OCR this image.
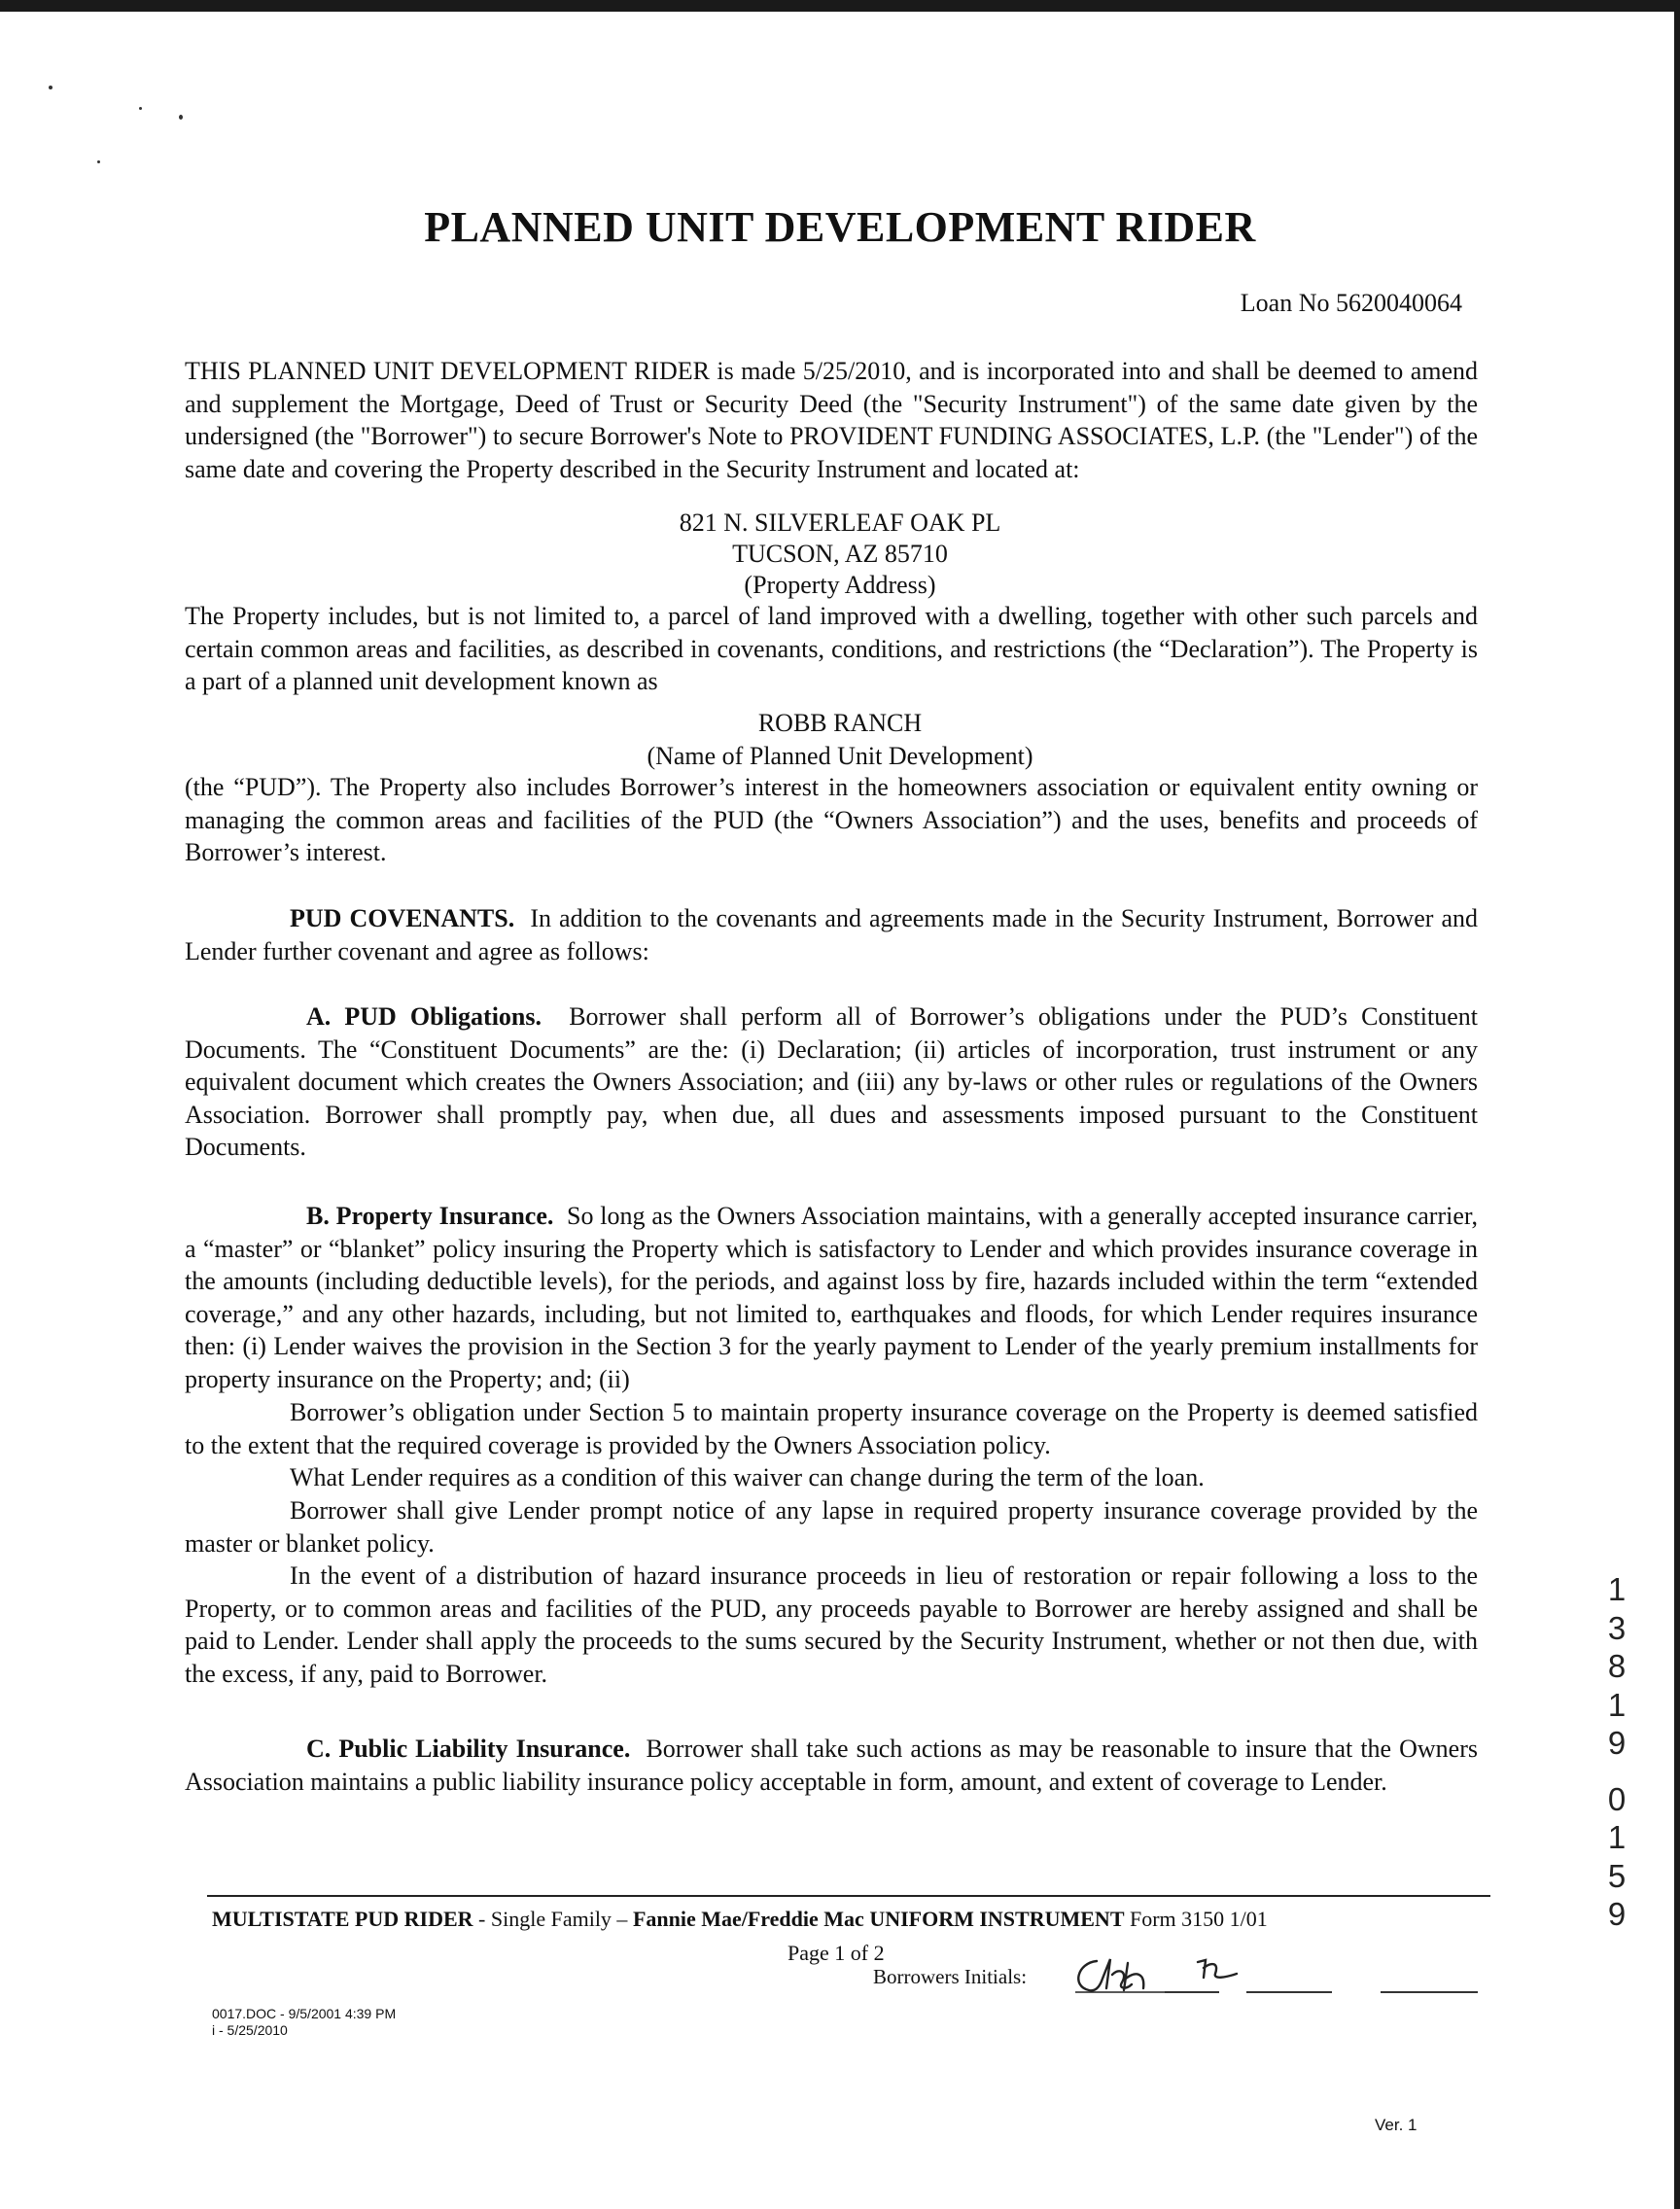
PLANNED UNIT DEVELOPMENT RIDER
Loan No 5620040064
THIS PLANNED UNIT DEVELOPMENT RIDER is made 5/25/2010, and is incorporated into and shall be deemed to amend and supplement the Mortgage, Deed of Trust or Security Deed (the "Security Instrument") of the same date given by the undersigned (the "Borrower") to secure Borrower's Note to PROVIDENT FUNDING ASSOCIATES, L.P. (the "Lender") of the same date and covering the Property described in the Security Instrument and located at:
821 N. SILVERLEAF OAK PL
TUCSON, AZ 85710
(Property Address)
The Property includes, but is not limited to, a parcel of land improved with a dwelling, together with other such parcels and certain common areas and facilities, as described in covenants, conditions, and restrictions (the “Declaration”). The Property is a part of a planned unit development known as
ROBB RANCH
(Name of Planned Unit Development)
(the “PUD”). The Property also includes Borrower’s interest in the homeowners association or equivalent entity owning or managing the common areas and facilities of the PUD (the “Owners Association”) and the uses, benefits and proceeds of Borrower’s interest.
PUD COVENANTS. In addition to the covenants and agreements made in the Security Instrument, Borrower and Lender further covenant and agree as follows:
A. PUD Obligations. Borrower shall perform all of Borrower’s obligations under the PUD’s Constituent Documents. The “Constituent Documents” are the: (i) Declaration; (ii) articles of incorporation, trust instrument or any equivalent document which creates the Owners Association; and (iii) any by-laws or other rules or regulations of the Owners Association. Borrower shall promptly pay, when due, all dues and assessments imposed pursuant to the Constituent Documents.
B. Property Insurance. So long as the Owners Association maintains, with a generally accepted insurance carrier, a “master” or “blanket” policy insuring the Property which is satisfactory to Lender and which provides insurance coverage in the amounts (including deductible levels), for the periods, and against loss by fire, hazards included within the term “extended coverage,” and any other hazards, including, but not limited to, earthquakes and floods, for which Lender requires insurance then: (i) Lender waives the provision in the Section 3 for the yearly payment to Lender of the yearly premium installments for property insurance on the Property; and; (ii)
Borrower’s obligation under Section 5 to maintain property insurance coverage on the Property is deemed satisfied to the extent that the required coverage is provided by the Owners Association policy.
What Lender requires as a condition of this waiver can change during the term of the loan.
Borrower shall give Lender prompt notice of any lapse in required property insurance coverage provided by the master or blanket policy.
In the event of a distribution of hazard insurance proceeds in lieu of restoration or repair following a loss to the Property, or to common areas and facilities of the PUD, any proceeds payable to Borrower are hereby assigned and shall be paid to Lender. Lender shall apply the proceeds to the sums secured by the Security Instrument, whether or not then due, with the excess, if any, paid to Borrower.
C. Public Liability Insurance. Borrower shall take such actions as may be reasonable to insure that the Owners Association maintains a public liability insurance policy acceptable in form, amount, and extent of coverage to Lender.
MULTISTATE PUD RIDER - Single Family – Fannie Mae/Freddie Mac UNIFORM INSTRUMENT Form 3150 1/01
Page 1 of 2
Borrowers Initials:
0017.DOC - 9/5/2001 4:39 PM
i - 5/25/2010
Ver. 1
1
3
8
1
9
0
1
5
9
